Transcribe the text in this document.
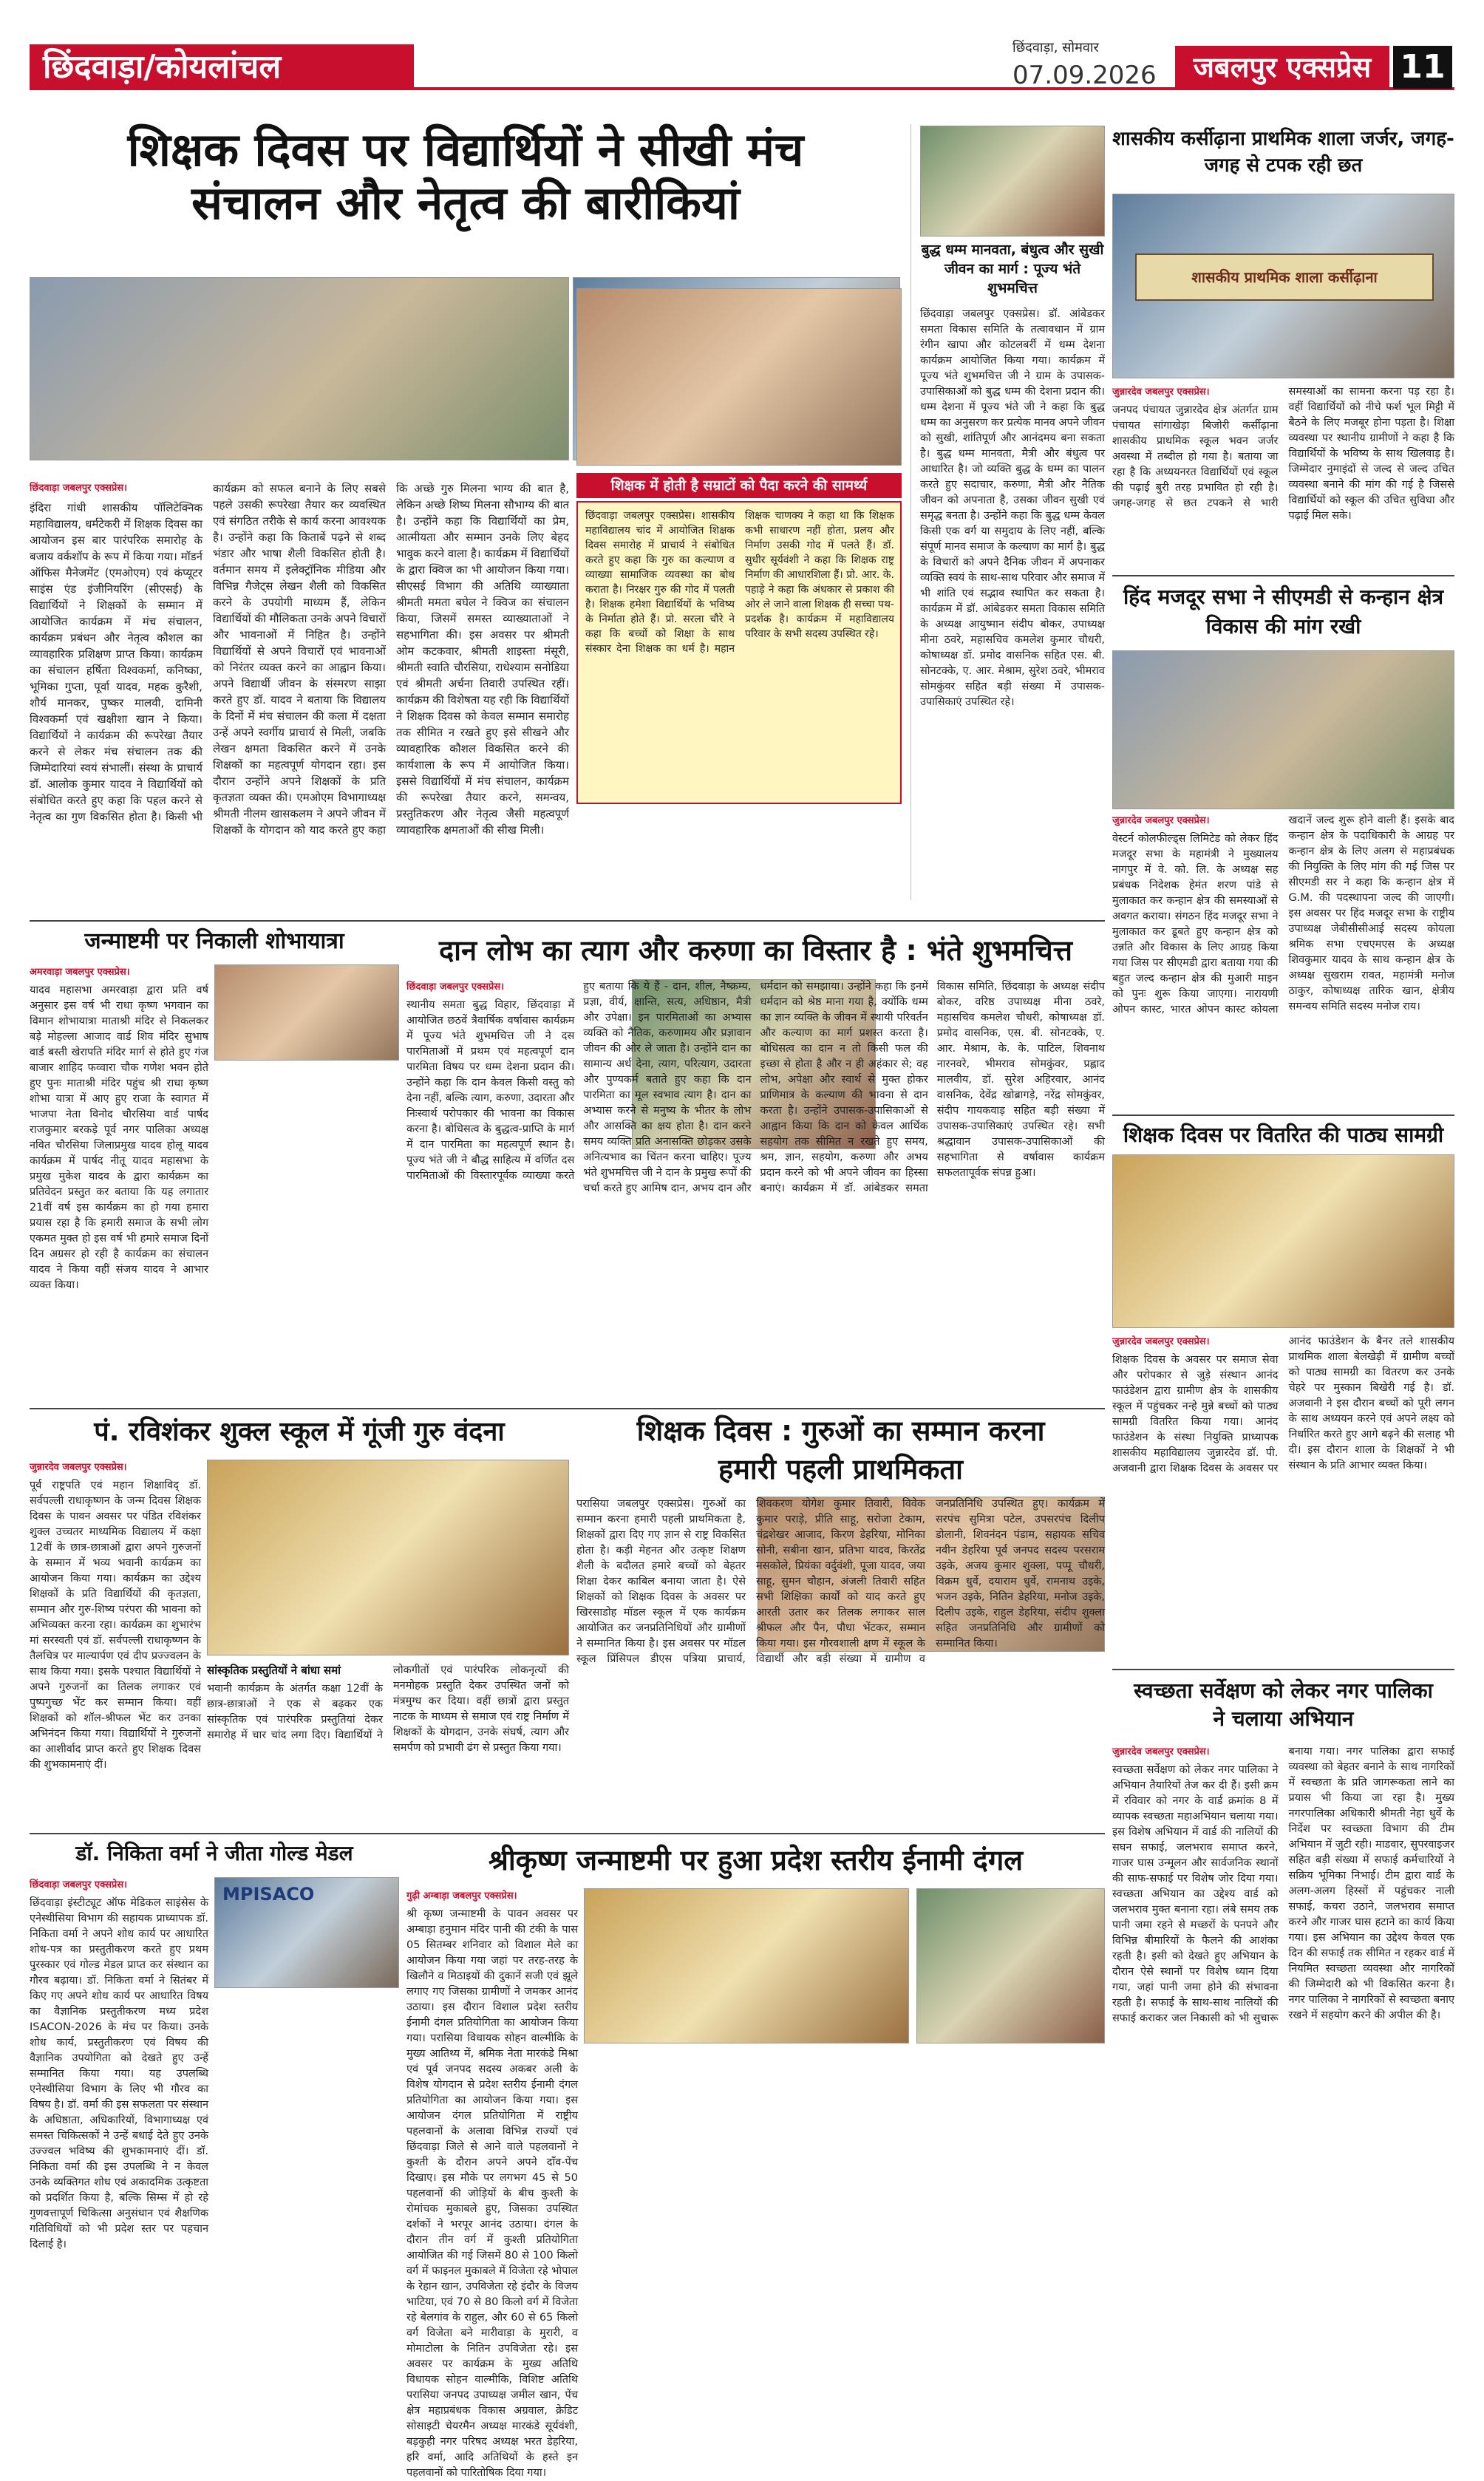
छिंदवाड़ा/कोयलांचल
छिंदवाड़ा, सोमवार
07.09.2026	जबलपुर एक्सप्रेस 11
शिक्षक दिवस पर विद्यार्थियों ने सीखी मंच
संचालन और नेतृत्व की बारीकियां
छिंदवाड़ा जबलपुर एक्सप्रेस।
इंदिरा गांधी शासकीय पॉलिटेक्निक महाविद्यालय, धर्मटेकरी में शिक्षक दिवस का आयोजन इस बार पारंपरिक समारोह के बजाय वर्कशॉप के रूप में किया गया। मॉडर्न ऑफिस मैनेजमेंट (एमओएम) एवं कंप्यूटर साइंस एंड इंजीनियरिंग (सीएसई) के विद्यार्थियों ने शिक्षकों के सम्मान में आयोजित कार्यक्रम में मंच संचालन, कार्यक्रम प्रबंधन और नेतृत्व कौशल का व्यावहारिक प्रशिक्षण प्राप्त किया। कार्यक्रम का संचालन हर्षिता विश्वकर्मा, कनिष्का, भूमिका गुप्ता, पूर्वा यादव, महक कुरैशी, शौर्य मानकर, पुष्कर मालवी, दामिनी विश्वकर्मा एवं खक्षीशा खान ने किया। विद्यार्थियों ने कार्यक्रम की रूपरेखा तैयार करने से लेकर मंच संचालन तक की जिम्मेदारियां स्वयं संभालीं। संस्था के प्राचार्य डॉ. आलोक कुमार यादव ने विद्यार्थियों को संबोधित करते हुए कहा कि पहल करने से नेतृत्व का गुण विकसित होता है। किसी भी कार्यक्रम को सफल बनाने के लिए सबसे पहले उसकी रूपरेखा तैयार कर व्यवस्थित एवं संगठित तरीके से कार्य करना आवश्यक है। उन्होंने कहा कि किताबें पढ़ने से शब्द भंडार और भाषा शैली विकसित होती है। वर्तमान समय में इलेक्ट्रॉनिक मीडिया और विभिन्न गैजेट्स लेखन शैली को विकसित करने के उपयोगी माध्यम हैं, लेकिन विद्यार्थियों की मौलिकता उनके अपने विचारों और भावनाओं में निहित है। उन्होंने विद्यार्थियों से अपने विचारों एवं भावनाओं को निरंतर व्यक्त करने का आह्वान किया। अपने विद्यार्थी जीवन के संस्मरण साझा करते हुए डॉ. यादव ने बताया कि विद्यालय के दिनों में मंच संचालन की कला में दक्षता उन्हें अपने स्वर्गीय प्राचार्य से मिली, जबकि लेखन क्षमता विकसित करने में उनके शिक्षकों का महत्वपूर्ण योगदान रहा। इस दौरान उन्होंने अपने शिक्षकों के प्रति कृतज्ञता व्यक्त की। एमओएम विभागाध्यक्ष श्रीमती नीलम खासकलम ने अपने जीवन में शिक्षकों के योगदान को याद करते हुए कहा कि अच्छे गुरु मिलना भाग्य की बात है, लेकिन अच्छे शिष्य मिलना सौभाग्य की बात है। उन्होंने कहा कि विद्यार्थियों का प्रेम, आत्मीयता और सम्मान उनके लिए बेहद भावुक करने वाला है। कार्यक्रम में विद्यार्थियों के द्वारा क्विज का भी आयोजन किया गया। सीएसई विभाग की अतिथि व्याख्याता श्रीमती ममता बघेल ने क्विज का संचालन किया, जिसमें समस्त व्याख्याताओं ने सहभागिता की। इस अवसर पर श्रीमती ओम कटकवार, श्रीमती शाइस्ता मंसूरी, श्रीमती स्वाति चौरसिया, राधेश्याम सनोडिया एवं श्रीमती अर्चना तिवारी उपस्थित रहीं। कार्यक्रम की विशेषता यह रही कि विद्यार्थियों ने शिक्षक दिवस को केवल सम्मान समारोह तक सीमित न रखते हुए इसे सीखने और व्यावहारिक कौशल विकसित करने की कार्यशाला के रूप में आयोजित किया। इससे विद्यार्थियों में मंच संचालन, कार्यक्रम की रूपरेखा तैयार करने, समन्वय, प्रस्तुतिकरण और नेतृत्व जैसी महत्वपूर्ण व्यावहारिक क्षमताओं की सीख मिली।
शिक्षक में होती है सम्राटों को पैदा करने की सामर्थ्य
छिंदवाड़ा जबलपुर एक्सप्रेस। शासकीय महाविद्यालय चांद में आयोजित शिक्षक दिवस समारोह में प्राचार्य ने संबोधित करते हुए कहा कि गुरु का कल्याण व व्याख्या सामाजिक व्यवस्था का बोध कराता है। निरक्षर गुरु की गोद में पलती है। शिक्षक हमेशा विद्यार्थियों के भविष्य के निर्माता होते हैं। प्रो. सरला चौरे ने कहा कि बच्चों को शिक्षा के साथ संस्कार देना शिक्षक का धर्म है। महान शिक्षक चाणक्य ने कहा था कि शिक्षक कभी साधारण नहीं होता, प्रलय और निर्माण उसकी गोद में पलते हैं। डॉ. सुधीर सूर्यवंशी ने कहा कि शिक्षक राष्ट्र निर्माण की आधारशिला हैं। प्रो. आर. के. पहाड़े ने कहा कि अंधकार से प्रकाश की ओर ले जाने वाला शिक्षक ही सच्चा पथ-प्रदर्शक है। कार्यक्रम में महाविद्यालय परिवार के सभी सदस्य उपस्थित रहे।
बुद्ध धम्म मानवता, बंधुत्व और सुखी जीवन का मार्ग : पूज्य भंते शुभमचित्त
छिंदवाड़ा जबलपुर एक्सप्रेस। डॉ. आंबेडकर समता विकास समिति के तत्वावधान में ग्राम रंगीन खापा और कोटलबर्री में धम्म देशना कार्यक्रम आयोजित किया गया। कार्यक्रम में पूज्य भंते शुभमचित्त जी ने ग्राम के उपासक-उपासिकाओं को बुद्ध धम्म की देशना प्रदान की। धम्म देशना में पूज्य भंते जी ने कहा कि बुद्ध धम्म का अनुसरण कर प्रत्येक मानव अपने जीवन को सुखी, शांतिपूर्ण और आनंदमय बना सकता है। बुद्ध धम्म मानवता, मैत्री और बंधुत्व पर आधारित है। जो व्यक्ति बुद्ध के धम्म का पालन करते हुए सदाचार, करुणा, मैत्री और नैतिक जीवन को अपनाता है, उसका जीवन सुखी एवं समृद्ध बनता है। उन्होंने कहा कि बुद्ध धम्म केवल किसी एक वर्ग या समुदाय के लिए नहीं, बल्कि संपूर्ण मानव समाज के कल्याण का मार्ग है। बुद्ध के विचारों को अपने दैनिक जीवन में अपनाकर व्यक्ति स्वयं के साथ-साथ परिवार और समाज में भी शांति एवं सद्भाव स्थापित कर सकता है। कार्यक्रम में डॉ. आंबेडकर समता विकास समिति के अध्यक्ष आयुष्मान संदीप बोकर, उपाध्यक्ष मीना ठवरे, महासचिव कमलेश कुमार चौधरी, कोषाध्यक्ष डॉ. प्रमोद वासनिक सहित एस. बी. सोनटक्के, ए. आर. मेश्राम, सुरेश ठवरे, भीमराव सोमकुंवर सहित बड़ी संख्या में उपासक-उपासिकाएं उपस्थित रहे।
शासकीय कर्सीढ़ाना प्राथमिक शाला जर्जर, जगह-जगह से टपक रही छत
शासकीय प्राथमिक शाला कर्सीढ़ाना
जुन्नारदेव जबलपुर एक्सप्रेस।
जनपद पंचायत जुन्नारदेव क्षेत्र अंतर्गत ग्राम पंचायत सांगाखेड़ा बिजोरी कर्सीढ़ाना शासकीय प्राथमिक स्कूल भवन जर्जर अवस्था में तब्दील हो गया है। बताया जा रहा है कि अध्ययनरत विद्यार्थियों एवं स्कूल की पढ़ाई बुरी तरह प्रभावित हो रही है। जगह-जगह से छत टपकने से भारी समस्याओं का सामना करना पड़ रहा है। वहीं विद्यार्थियों को नीचे फर्श भूल मिट्टी में बैठने के लिए मजबूर होना पड़ता है। शिक्षा व्यवस्था पर स्थानीय ग्रामीणों ने कहा है कि विद्यार्थियों के भविष्य के साथ खिलवाड़ है। जिम्मेदार नुमाइंदों से जल्द से जल्द उचित व्यवस्था बनाने की मांग की गई है जिससे विद्यार्थियों को स्कूल की उचित सुविधा और पढ़ाई मिल सके।
हिंद मजदूर सभा ने सीएमडी से कन्हान क्षेत्र विकास की मांग रखी
जुन्नारदेव जबलपुर एक्सप्रेस।
वेस्टर्न कोलफील्ड्स लिमिटेड को लेकर हिंद मजदूर सभा के महामंत्री ने मुख्यालय नागपुर में वे. को. लि. के अध्यक्ष सह प्रबंधक निदेशक हेमंत शरण पांडे से मुलाकात कर कन्हान क्षेत्र की समस्याओं से अवगत कराया। संगठन हिंद मजदूर सभा ने मुलाकात कर डूबते हुए कन्हान क्षेत्र को उन्नति और विकास के लिए आग्रह किया गया जिस पर सीएमडी द्वारा बताया गया की बहुत जल्द कन्हान क्षेत्र की मुआरी माइन को पुनः शुरू किया जाएगा। नारायणी ओपन कास्ट, भारत ओपन कास्ट कोयला खदानें जल्द शुरू होने वाली हैं। इसके बाद कन्हान क्षेत्र के पदाधिकारी के आग्रह पर कन्हान क्षेत्र के लिए अलग से महाप्रबंधक की नियुक्ति के लिए मांग की गई जिस पर सीएमडी सर ने कहा कि कन्हान क्षेत्र में G.M. की पदस्थापना जल्द की जाएगी। इस अवसर पर हिंद मजदूर सभा के राष्ट्रीय उपाध्यक्ष जेबीसीसीआई सदस्य कोयला श्रमिक सभा एचएमएस के अध्यक्ष शिवकुमार यादव के साथ कन्हान क्षेत्र के अध्यक्ष सुखराम रावत, महामंत्री मनोज ठाकुर, कोषाध्यक्ष तारिक खान, क्षेत्रीय समन्वय समिति सदस्य मनोज राय।
शिक्षक दिवस पर वितरित की पाठ्य सामग्री
जुन्नारदेव जबलपुर एक्सप्रेस।
शिक्षक दिवस के अवसर पर समाज सेवा और परोपकार से जुड़े संस्थान आनंद फाउंडेशन द्वारा ग्रामीण क्षेत्र के शासकीय स्कूल में पहुंचकर नन्हे मुन्ने बच्चों को पाठ्य सामग्री वितरित किया गया। आनंद फाउंडेशन के संस्था नियुक्ति प्राध्यापक शासकीय महाविद्यालय जुन्नारदेव डॉ. पी. अजवानी द्वारा शिक्षक दिवस के अवसर पर आनंद फाउंडेशन के बैनर तले शासकीय प्राथमिक शाला बेलखेड़ी में ग्रामीण बच्चों को पाठ्य सामग्री का वितरण कर उनके चेहरे पर मुस्कान बिखेरी गई है। डॉ. अजवानी ने इस दौरान बच्चों को पूरी लगन के साथ अध्ययन करने एवं अपने लक्ष्य को निर्धारित करते हुए आगे बढ़ने की सलाह भी दी। इस दौरान शाला के शिक्षकों ने भी संस्थान के प्रति आभार व्यक्त किया।
जन्माष्टमी पर निकाली शोभायात्रा
अमरवाड़ा जबलपुर एक्सप्रेस।
यादव महासभा अमरवाड़ा द्वारा प्रति वर्ष अनुसार इस वर्ष भी राधा कृष्ण भगवान का विमान शोभायात्रा माताश्री मंदिर से निकलकर बड़े मोहल्ला आजाद वार्ड शिव मंदिर सुभाष वार्ड बस्ती खेरापति मंदिर मार्ग से होते हुए गंज बाजार शाहिद फव्वारा चौक गणेश भवन होते हुए पुनः माताश्री मंदिर पहुंच श्री राधा कृष्ण शोभा यात्रा में आए हुए राजा के स्वागत में भाजपा नेता विनोद चौरसिया वार्ड पार्षद राजकुमार बरकड़े पूर्व नगर पालिका अध्यक्ष नवित चौरसिया जिलाप्रमुख यादव होलू यादव कार्यक्रम में पार्षद नीतू यादव महासभा के प्रमुख मुकेश यादव के द्वारा कार्यक्रम का प्रतिवेदन प्रस्तुत कर बताया कि यह लगातार 21वीं वर्ष इस कार्यक्रम का हो गया हमारा प्रयास रहा है कि हमारी समाज के सभी लोग एकमत मुक्त हो इस वर्ष भी हमारे समाज दिनों दिन अग्रसर हो रही है कार्यक्रम का संचालन यादव ने किया वहीं संजय यादव ने आभार व्यक्त किया।
दान लोभ का त्याग और करुणा का विस्तार है : भंते शुभमचित्त
छिंदवाड़ा जबलपुर एक्सप्रेस।
स्थानीय समता बुद्ध विहार, छिंदवाड़ा में आयोजित छठवें त्रैवार्षिक वर्षावास कार्यक्रम में पूज्य भंते शुभमचित्त जी ने दस पारमिताओं में प्रथम एवं महत्वपूर्ण दान पारमिता विषय पर धम्म देशना प्रदान की। उन्होंने कहा कि दान केवल किसी वस्तु को देना नहीं, बल्कि त्याग, करुणा, उदारता और निःस्वार्थ परोपकार की भावना का विकास करना है। बोधिसत्व के बुद्धत्व-प्राप्ति के मार्ग में दान पारमिता का महत्वपूर्ण स्थान है। पूज्य भंते जी ने बौद्ध साहित्य में वर्णित दस पारमिताओं की विस्तारपूर्वक व्याख्या करते हुए बताया कि ये हैं - दान, शील, नैष्क्रम्य, प्रज्ञा, वीर्य, क्षान्ति, सत्य, अधिष्ठान, मैत्री और उपेक्षा। इन पारमिताओं का अभ्यास व्यक्ति को नैतिक, करुणामय और प्रज्ञावान जीवन की ओर ले जाता है। उन्होंने दान का सामान्य अर्थ देना, त्याग, परित्याग, उदारता और पुण्यकर्म बताते हुए कहा कि दान पारमिता का मूल स्वभाव त्याग है। दान का अभ्यास करने से मनुष्य के भीतर के लोभ और आसक्ति का क्षय होता है। दान करने समय व्यक्ति प्रति अनासक्ति छोड़कर उसके अनित्यभाव का चिंतन करना चाहिए। पूज्य भंते शुभमचित्त जी ने दान के प्रमुख रूपों की चर्चा करते हुए आमिष दान, अभय दान और धर्मदान को समझाया। उन्होंने कहा कि इनमें धर्मदान को श्रेष्ठ माना गया है, क्योंकि धम्म का ज्ञान व्यक्ति के जीवन में स्थायी परिवर्तन और कल्याण का मार्ग प्रशस्त करता है। बोधिसत्व का दान न तो किसी फल की इच्छा से होता है और न ही अहंकार से; वह लोभ, अपेक्षा और स्वार्थ से मुक्त होकर प्राणिमात्र के कल्याण की भावना से दान करता है। उन्होंने उपासक-उपासिकाओं से आह्वान किया कि दान को केवल आर्थिक सहयोग तक सीमित न रखते हुए समय, श्रम, ज्ञान, सहयोग, करुणा और अभय प्रदान करने को भी अपने जीवन का हिस्सा बनाएं। कार्यक्रम में डॉ. आंबेडकर समता विकास समिति, छिंदवाड़ा के अध्यक्ष संदीप बोकर, वरिष्ठ उपाध्यक्ष मीना ठवरे, महासचिव कमलेश चौधरी, कोषाध्यक्ष डॉ. प्रमोद वासनिक, एस. बी. सोनटक्के, ए. आर. मेश्राम, के. के. पाटिल, शिवनाथ नारनवरे, भीमराव सोमकुंवर, प्रह्लाद मालवीय, डॉ. सुरेश अहिरवार, आनंद वासनिक, देवेंद्र खोब्रागड़े, नरेंद्र सोमकुंवर, संदीप गायकवाड़ सहित बड़ी संख्या में उपासक-उपासिकाएं उपस्थित रहे। सभी श्रद्धावान उपासक-उपासिकाओं की सहभागिता से वर्षावास कार्यक्रम सफलतापूर्वक संपन्न हुआ।
पं. रविशंकर शुक्ल स्कूल में गूंजी गुरु वंदना
जुन्नारदेव जबलपुर एक्सप्रेस।
पूर्व राष्ट्रपति एवं महान शिक्षाविद् डॉ. सर्वपल्ली राधाकृष्णन के जन्म दिवस शिक्षक दिवस के पावन अवसर पर पंडित रविशंकर शुक्ल उच्चतर माध्यमिक विद्यालय में कक्षा 12वीं के छात्र-छात्राओं द्वारा अपने गुरुजनों के सम्मान में भव्य भवानी कार्यक्रम का आयोजन किया गया। कार्यक्रम का उद्देश्य शिक्षकों के प्रति विद्यार्थियों की कृतज्ञता, सम्मान और गुरु-शिष्य परंपरा की भावना को अभिव्यक्त करना रहा। कार्यक्रम का शुभारंभ मां सरस्वती एवं डॉ. सर्वपल्ली राधाकृष्णन के तैलचित्र पर माल्यार्पण एवं दीप प्रज्ज्वलन के साथ किया गया। इसके पश्चात विद्यार्थियों ने अपने गुरुजनों का तिलक लगाकर एवं पुष्पगुच्छ भेंट कर सम्मान किया। वहीं शिक्षकों को शॉल-श्रीफल भेंट कर उनका अभिनंदन किया गया। विद्यार्थियों ने गुरुजनों का आशीर्वाद प्राप्त करते हुए शिक्षक दिवस की शुभकामनाएं दीं।
सांस्कृतिक प्रस्तुतियों ने बांधा समां
भवानी कार्यक्रम के अंतर्गत कक्षा 12वीं के छात्र-छात्राओं ने एक से बढ़कर एक सांस्कृतिक एवं पारंपरिक प्रस्तुतियां देकर समारोह में चार चांद लगा दिए। विद्यार्थियों ने लोकगीतों एवं पारंपरिक लोकनृत्यों की मनमोहक प्रस्तुति देकर उपस्थित जनों को मंत्रमुग्ध कर दिया। वहीं छात्रों द्वारा प्रस्तुत नाटक के माध्यम से समाज एवं राष्ट्र निर्माण में शिक्षकों के योगदान, उनके संघर्ष, त्याग और समर्पण को प्रभावी ढंग से प्रस्तुत किया गया।
शिक्षक दिवस : गुरुओं का सम्मान करना
हमारी पहली प्राथमिकता
परासिया जबलपुर एक्सप्रेस। गुरुओं का सम्मान करना हमारी पहली प्राथमिकता है, शिक्षकों द्वारा दिए गए ज्ञान से राष्ट्र विकसित होता है। कड़ी मेहनत और उत्कृष्ट शिक्षण शैली के बदौलत हमारे बच्चों को बेहतर शिक्षा देकर काबिल बनाया जाता है। ऐसे शिक्षकों को शिक्षक दिवस के अवसर पर खिरसाडोह मॉडल स्कूल में एक कार्यक्रम आयोजित कर जनप्रतिनिधियों और ग्रामीणों ने सम्मानित किया है। इस अवसर पर मॉडल स्कूल प्रिंसिपल डीएस पत्रिया प्राचार्य, शिवकरण योगेश कुमार तिवारी, विवेक कुमार पराड़े, प्रीति साहू, सरोजा टेकाम, चंद्रशेखर आजाद, किरण डेहरिया, मोनिका सोनी, सबीना खान, प्रतिभा यादव, किरतेंद्र मसकोले, प्रियंका वर्दुवंशी, पूजा यादव, जया साहू, सुमन चौहान, अंजली तिवारी सहित सभी शिक्षिका कार्यों को याद करते हुए आरती उतार कर तिलक लगाकर साल श्रीफल और पैन, पौधा भेंटकर, सम्मान किया गया। इस गौरवशाली क्षण में स्कूल के विद्यार्थी और बड़ी संख्या में ग्रामीण व जनप्रतिनिधि उपस्थित हुए। कार्यक्रम में सरपंच सुमित्रा पटेल, उपसरपंच दिलीप डोलानी, शिवनंदन पंडाम, सहायक सचिव नवीन डेहरिया पूर्व जनपद सदस्य परसराम उइके, अजय कुमार शुक्ला, पप्पू चौधरी, विक्रम धुर्वे, दयाराम धुर्वे, रामनाथ उइके, भजन उइके, नितिन डेहरिया, मनोज उइके, दिलीप उइके, राहुल डेहरिया, संदीप शुक्ला सहित जनप्रतिनिधि और ग्रामीणों को सम्मानित किया।
डॉ. निकिता वर्मा ने जीता गोल्ड मेडल
MPISACO
छिंदवाड़ा जबलपुर एक्सप्रेस।
छिंदवाड़ा इंस्टीट्यूट ऑफ मेडिकल साइंसेस के एनेस्थीसिया विभाग की सहायक प्राध्यापक डॉ. निकिता वर्मा ने अपने शोध कार्य पर आधारित शोध-पत्र का प्रस्तुतीकरण करते हुए प्रथम पुरस्कार एवं गोल्ड मेडल प्राप्त कर संस्थान का गौरव बढ़ाया। डॉ. निकिता वर्मा ने सितंबर में किए गए अपने शोध कार्य पर आधारित विषय का वैज्ञानिक प्रस्तुतीकरण मध्य प्रदेश ISACON-2026 के मंच पर किया। उनके शोध कार्य, प्रस्तुतीकरण एवं विषय की वैज्ञानिक उपयोगिता को देखते हुए उन्हें सम्मानित किया गया। यह उपलब्धि एनेस्थीसिया विभाग के लिए भी गौरव का विषय है। डॉ. वर्मा की इस सफलता पर संस्थान के अधिष्ठाता, अधिकारियों, विभागाध्यक्ष एवं समस्त चिकित्सकों ने उन्हें बधाई देते हुए उनके उज्ज्वल भविष्य की शुभकामनाएं दीं। डॉ. निकिता वर्मा की इस उपलब्धि ने न केवल उनके व्यक्तिगत शोध एवं अकादमिक उत्कृष्टता को प्रदर्शित किया है, बल्कि सिम्स में हो रहे गुणवत्तापूर्ण चिकित्सा अनुसंधान एवं शैक्षणिक गतिविधियों को भी प्रदेश स्तर पर पहचान दिलाई है।
श्रीकृष्ण जन्माष्टमी पर हुआ प्रदेश स्तरीय ईनामी दंगल
गुढ़ी अम्बाड़ा जबलपुर एक्सप्रेस।
श्री कृष्ण जन्माष्टमी के पावन अवसर पर अम्बाड़ा हनुमान मंदिर पानी की टंकी के पास 05 सितम्बर शनिवार को विशाल मेले का आयोजन किया गया जहां पर तरह-तरह के खिलौने व मिठाइयों की दुकानें सजी एवं झूले लगाए गए जिसका ग्रामीणों ने जमकर आनंद उठाया। इस दौरान विशाल प्रदेश स्तरीय ईनामी दंगल प्रतियोगिता का आयोजन किया गया। परासिया विधायक सोहन वाल्मीकि के मुख्य आतिथ्य में, श्रमिक नेता मारकंडे मिश्रा एवं पूर्व जनपद सदस्य अकबर अली के विशेष योगदान से प्रदेश स्तरीय ईनामी दंगल प्रतियोगिता का आयोजन किया गया। इस आयोजन दंगल प्रतियोगिता में राष्ट्रीय पहलवानों के अलावा विभिन्न राज्यों एवं छिंदवाड़ा जिले से आने वाले पहलवानों ने कुश्ती के दौरान अपने अपने दाँव-पेंच दिखाए। इस मौके पर लगभग 45 से 50 पहलवानों की जोड़ियों के बीच कुश्ती के रोमांचक मुकाबले हुए, जिसका उपस्थित दर्शकों ने भरपूर आनंद उठाया। दंगल के दौरान तीन वर्ग में कुश्ती प्रतियोगिता आयोजित की गई जिसमें 80 से 100 किलो वर्ग में फाइनल मुकाबले में विजेता रहे भोपाल के रेहान खान, उपविजेता रहे इंदौर के विजय भाटिया, एवं 70 से 80 किलो वर्ग में विजेता रहे बेलगांव के राहुल, और 60 से 65 किलो वर्ग विजेता बने मारीवाड़ा के मुरारी, व मोमाटोला के नितिन उपविजेता रहे। इस अवसर पर कार्यक्रम के मुख्य अतिथि विधायक सोहन वाल्मीकि, विशिष्ट अतिथि परासिया जनपद उपाध्यक्ष जमील खान, पेंच क्षेत्र महाप्रबंधक विकास अग्रवाल, क्रेडिट सोसाइटी चेयरमैन अध्यक्ष मारकंडे सूर्यवंशी, बड़कुही नगर परिषद अध्यक्ष भरत डेहरिया, हरि वर्मा, आदि अतिथियों के हस्ते इन पहलवानों को पारितोषिक दिया गया।
स्वच्छता सर्वेक्षण को लेकर नगर पालिका
ने चलाया अभियान
जुन्नारदेव जबलपुर एक्सप्रेस।
स्वच्छता सर्वेक्षण को लेकर नगर पालिका ने अभियान तैयारियों तेज कर दी हैं। इसी क्रम में रविवार को नगर के वार्ड क्रमांक 8 में व्यापक स्वच्छता महाअभियान चलाया गया। इस विशेष अभियान में वार्ड की नालियों की सघन सफाई, जलभराव समाप्त करने, गाजर घास उन्मूलन और सार्वजनिक स्थानों की साफ-सफाई पर विशेष जोर दिया गया। स्वच्छता अभियान का उद्देश्य वार्ड को जलभराव मुक्त बनाना रहा। लंबे समय तक पानी जमा रहने से मच्छरों के पनपने और विभिन्न बीमारियों के फैलने की आशंका रहती है। इसी को देखते हुए अभियान के दौरान ऐसे स्थानों पर विशेष ध्यान दिया गया, जहां पानी जमा होने की संभावना रहती है। सफाई के साथ-साथ नालियों की सफाई कराकर जल निकासी को भी सुचारू बनाया गया। नगर पालिका द्वारा सफाई व्यवस्था को बेहतर बनाने के साथ नागरिकों में स्वच्छता के प्रति जागरूकता लाने का प्रयास भी किया जा रहा है। मुख्य नगरपालिका अधिकारी श्रीमती नेहा धुर्वे के निर्देश पर स्वच्छता विभाग की टीम अभियान में जुटी रही। माडवार, सुपरवाइजर सहित बड़ी संख्या में सफाई कर्मचारियों ने सक्रिय भूमिका निभाई। टीम द्वारा वार्ड के अलग-अलग हिस्सों में पहुंचकर नाली सफाई, कचरा उठाने, जलभराव समाप्त करने और गाजर घास हटाने का कार्य किया गया। इस अभियान का उद्देश्य केवल एक दिन की सफाई तक सीमित न रहकर वार्ड में नियमित स्वच्छता व्यवस्था और नागरिकों की जिम्मेदारी को भी विकसित करना है। नगर पालिका ने नागरिकों से स्वच्छता बनाए रखने में सहयोग करने की अपील की है।
